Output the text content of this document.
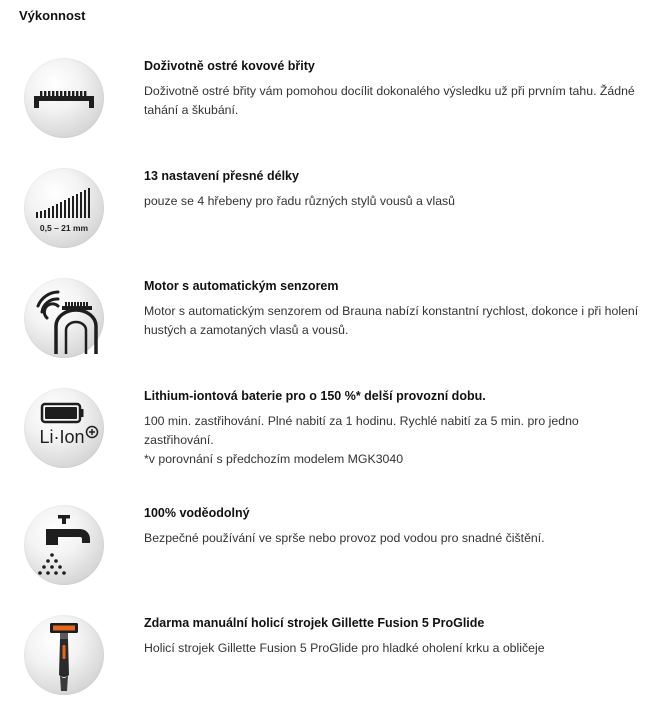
Výkonnost
Doživotně ostré kovové břity

Doživotně ostré břity vám pomohou docílit dokonalého výsledku už při prvním tahu. Žádné tahání a škubání.

0,5 – 21 mm
13 nastavení přesné délky

pouze se 4 hřebeny pro řadu různých stylů vousů a vlasů

Motor s automatickým senzorem

Motor s automatickým senzorem od Brauna nabízí konstantní rychlost, dokonce i při holení hustých a zamotaných vlasů a vousů.

Li·Ion
Lithium-iontová baterie pro o 150 %* delší provozní dobu.

100 min. zastřihování. Plné nabití za 1 hodinu. Rychlé nabití za 5 min. pro jedno zastřihování.

*v porovnání s předchozím modelem MGK3040

100% voděodolný

Bezpečné používání ve sprše nebo provoz pod vodou pro snadné čištění.

Zdarma manuální holicí strojek Gillette Fusion 5 ProGlide

Holicí strojek Gillette Fusion 5 ProGlide pro hladké oholení krku a obličeje
